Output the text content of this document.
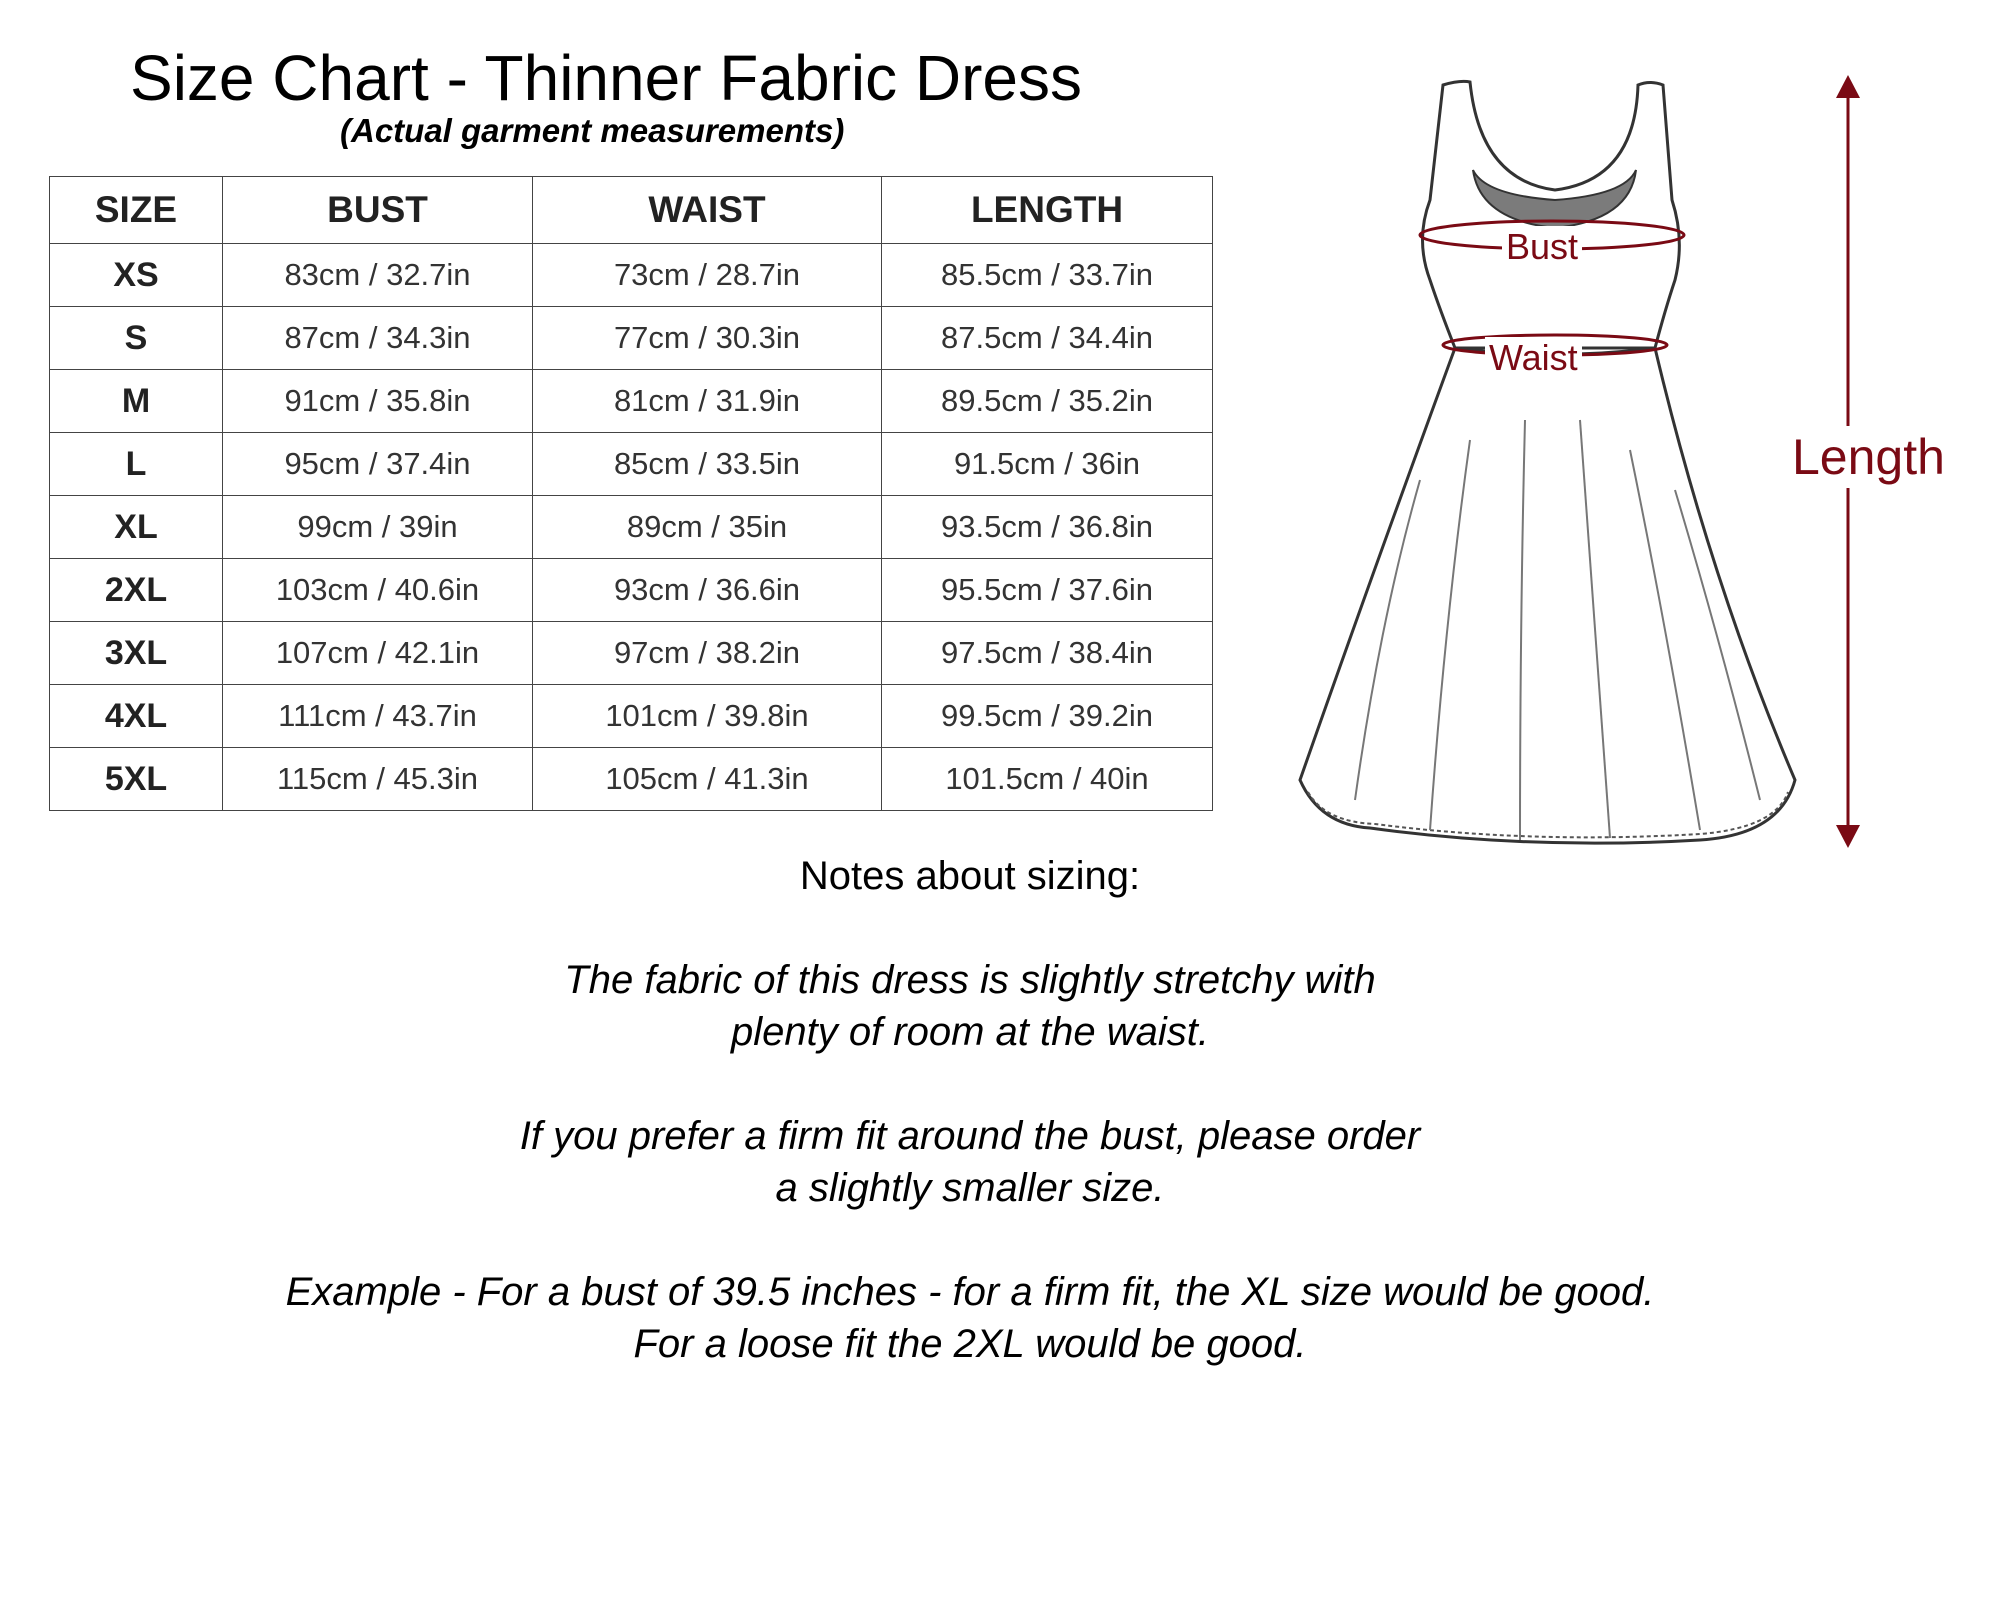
Size Chart - Thinner Fabric Dress
(Actual garment measurements)
SIZE	BUST	WAIST	LENGTH
XS	83cm / 32.7in	73cm / 28.7in	85.5cm / 33.7in
S	87cm / 34.3in	77cm / 30.3in	87.5cm / 34.4in
M	91cm / 35.8in	81cm / 31.9in	89.5cm / 35.2in
L	95cm / 37.4in	85cm / 33.5in	91.5cm / 36in
XL	99cm / 39in	89cm / 35in	93.5cm / 36.8in
2XL	103cm / 40.6in	93cm / 36.6in	95.5cm / 37.6in
3XL	107cm / 42.1in	97cm / 38.2in	97.5cm / 38.4in
4XL	111cm / 43.7in	101cm / 39.8in	99.5cm / 39.2in
5XL	115cm / 45.3in	105cm / 41.3in	101.5cm / 40in
Bust
Waist
Length
Notes about sizing:
The fabric of this dress is slightly stretchy with
plenty of room at the waist.
If you prefer a firm fit around the bust, please order
a slightly smaller size.
Example - For a bust of 39.5 inches - for a firm fit, the XL size would be good.
For a loose fit the 2XL would be good.
